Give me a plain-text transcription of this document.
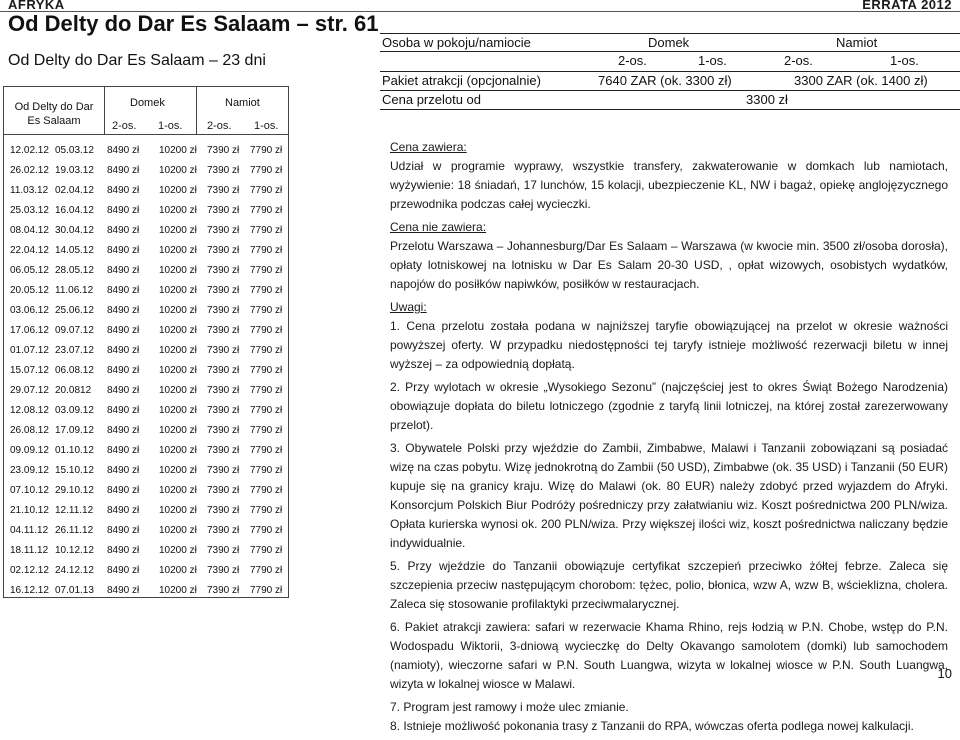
AFRYKA	ERRATA 2012
Od Delty do Dar Es Salaam – str. 61
Od Delty do Dar Es Salaam – 23 dni
Od Delty do Dar Es Salaam
Domek	Namiot
2-os. 1-os. 2-os. 1-os.
12.02.12 05.03.12 8490 zł 10200 zł 7390 zł 7790 zł
26.02.12 19.03.12 8490 zł 10200 zł 7390 zł 7790 zł
11.03.12 02.04.12 8490 zł 10200 zł 7390 zł 7790 zł
25.03.12 16.04.12 8490 zł 10200 zł 7390 zł 7790 zł
08.04.12 30.04.12 8490 zł 10200 zł 7390 zł 7790 zł
22.04.12 14.05.12 8490 zł 10200 zł 7390 zł 7790 zł
06.05.12 28.05.12 8490 zł 10200 zł 7390 zł 7790 zł
20.05.12 11.06.12 8490 zł 10200 zł 7390 zł 7790 zł
03.06.12 25.06.12 8490 zł 10200 zł 7390 zł 7790 zł
17.06.12 09.07.12 8490 zł 10200 zł 7390 zł 7790 zł
01.07.12 23.07.12 8490 zł 10200 zł 7390 zł 7790 zł
15.07.12 06.08.12 8490 zł 10200 zł 7390 zł 7790 zł
29.07.12 20.0812 8490 zł 10200 zł 7390 zł 7790 zł
12.08.12 03.09.12 8490 zł 10200 zł 7390 zł 7790 zł
26.08.12 17.09.12 8490 zł 10200 zł 7390 zł 7790 zł
09.09.12 01.10.12 8490 zł 10200 zł 7390 zł 7790 zł
23.09.12 15.10.12 8490 zł 10200 zł 7390 zł 7790 zł
07.10.12 29.10.12 8490 zł 10200 zł 7390 zł 7790 zł
21.10.12 12.11.12 8490 zł 10200 zł 7390 zł 7790 zł
04.11.12 26.11.12 8490 zł 10200 zł 7390 zł 7790 zł
18.11.12 10.12.12 8490 zł 10200 zł 7390 zł 7790 zł
02.12.12 24.12.12 8490 zł 10200 zł 7390 zł 7790 zł
16.12.12 07.01.13 8490 zł 10200 zł 7390 zł 7790 zł
Osoba w pokoju/namiocie	Domek	Namiot
2-os.	1-os.	2-os.	1-os.
Pakiet atrakcji (opcjonalnie)	7640 ZAR (ok. 3300 zł)	3300 ZAR (ok. 1400 zł)
Cena przelotu od	3300 zł

Cena zawiera:

Udział w programie wyprawy, wszystkie transfery, zakwaterowanie w domkach lub namiotach, wyżywienie: 18 śniadań, 17 lunchów, 15 kolacji, ubezpieczenie KL, NW i bagaż, opiekę anglojęzycznego przewodnika podczas całej wycieczki.

Cena nie zawiera:

Przelotu Warszawa – Johannesburg/Dar Es Salaam – Warszawa (w kwocie min. 3500 zł/osoba dorosła), opłaty lotniskowej na lotnisku w Dar Es Salam 20-30 USD, , opłat wizowych, osobistych wydatków, napojów do posiłków napiwków, posiłków w restauracjach.

Uwagi:

1. Cena przelotu została podana w najniższej taryfie obowiązującej na przelot w okresie ważności powyższej oferty. W przypadku niedostępności tej taryfy istnieje możliwość rezerwacji biletu w innej wyższej – za odpowiednią dopłatą.

2. Przy wylotach w okresie „Wysokiego Sezonu” (najczęściej jest to okres Świąt Bożego Narodzenia) obowiązuje dopłata do biletu lotniczego (zgodnie z taryfą linii lotniczej, na której został zarezerwowany przelot).

3. Obywatele Polski przy wjeździe do Zambii, Zimbabwe, Malawi i Tanzanii zobowiązani są posiadać wizę na czas pobytu. Wizę jednokrotną do Zambii (50 USD), Zimbabwe (ok. 35 USD) i Tanzanii (50 EUR) kupuje się na granicy kraju. Wizę do Malawi (ok. 80 EUR) należy zdobyć przed wyjazdem do Afryki. Konsorcjum Polskich Biur Podróży pośredniczy przy załatwianiu wiz. Koszt pośrednictwa 200 PLN/wiza. Opłata kurierska wynosi ok. 200 PLN/wiza. Przy większej ilości wiz, koszt pośrednictwa naliczany będzie indywidualnie.

5. Przy wjeździe do Tanzanii obowiązuje certyfikat szczepień przeciwko żółtej febrze. Zaleca się szczepienia przeciw następującym chorobom: tężec, polio, błonica, wzw A, wzw B, wścieklizna, cholera. Zaleca się stosowanie profilaktyki przeciwmalarycznej.

6. Pakiet atrakcji zawiera: safari w rezerwacie Khama Rhino, rejs łodzią w P.N. Chobe, wstęp do P.N. Wodospadu Wiktorii, 3-dniową wycieczkę do Delty Okavango samolotem (domki) lub samochodem (namioty), wieczorne safari w P.N. South Luangwa, wizyta w lokalnej wiosce w P.N. South Luangwa, wizyta w lokalnej wiosce w Malawi.

7. Program jest ramowy i może ulec zmianie.

8. Istnieje możliwość pokonania trasy z Tanzanii do RPA, wówczas oferta podlega nowej kalkulacji.

10
